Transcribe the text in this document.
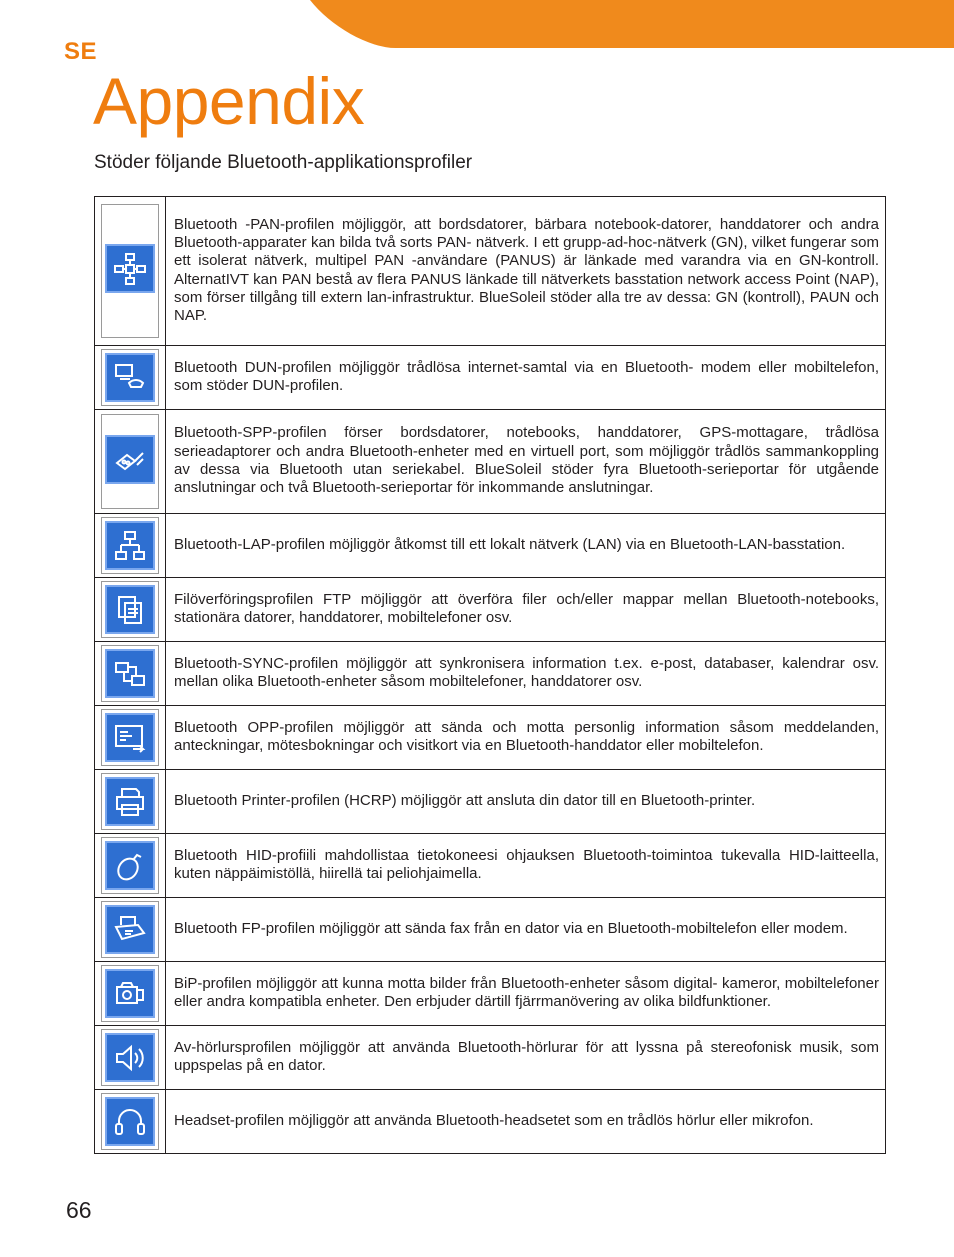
SE
Appendix

Stöder följande Bluetooth-applikationsprofiler

	Bluetooth -PAN-profilen möjliggör, att bordsdatorer, bärbara notebook-datorer, handdatorer och andra Bluetooth-apparater kan bilda två sorts PAN- nätverk. I ett grupp-ad-hoc-nätverk (GN), vilket fungerar som ett isolerat nätverk, multipel PAN -användare (PANUS) är länkade med varandra via en GN-kontroll. AlternatIVT kan PAN bestå av flera PANUS länkade till nätverkets basstation network access Point (NAP), som förser tillgång till extern lan-infrastruktur. BlueSoleil stöder alla tre av dessa: GN (kontroll), PAUN och NAP.

	Bluetooth DUN-profilen möjliggör trådlösa internet-samtal via en Bluetooth- modem eller mobiltelefon, som stöder DUN-profilen.

	Bluetooth-SPP-profilen förser bordsdatorer, notebooks, handdatorer, GPS-mottagare, trådlösa serieadaptorer och andra Bluetooth-enheter med en virtuell port, som möjliggör trådlös sammankoppling av dessa via Bluetooth utan seriekabel. BlueSoleil stöder fyra Bluetooth-serieportar för utgående anslutningar och två Bluetooth-serieportar för inkommande anslutningar.

	Bluetooth-LAP-profilen möjliggör åtkomst till ett lokalt nätverk (LAN) via en Bluetooth-LAN-basstation.

	Filöverföringsprofilen FTP möjliggör att överföra filer och/eller mappar mellan Bluetooth-notebooks, stationära datorer, handdatorer, mobiltelefoner osv.

	Bluetooth-SYNC-profilen möjliggör att synkronisera information t.ex. e-post, databaser, kalendrar osv. mellan olika Bluetooth-enheter såsom mobiltelefoner, handdatorer osv.

	Bluetooth OPP-profilen möjliggör att sända och motta personlig information såsom meddelanden, anteckningar, mötesbokningar och visitkort via en Bluetooth-handdator eller mobiltelefon.

	Bluetooth Printer-profilen (HCRP) möjliggör att ansluta din dator till en Bluetooth-printer.

	Bluetooth HID-profiili mahdollistaa tietokoneesi ohjauksen Bluetooth-toimintoa tukevalla HID-laitteella, kuten näppäimistöllä, hiirellä tai peliohjaimella.

	Bluetooth FP-profilen möjliggör att sända fax från en dator via en Bluetooth-mobiltelefon eller modem.

	BiP-profilen möjliggör att kunna motta bilder från Bluetooth-enheter såsom digital- kameror, mobiltelefoner eller andra kompatibla enheter. Den erbjuder därtill fjärrmanövering av olika bildfunktioner.

	Av-hörlursprofilen möjliggör att använda Bluetooth-hörlurar för att lyssna på stereofonisk musik, som uppspelas på en dator.

	Headset-profilen möjliggör att använda Bluetooth-headsetet som en trådlös hörlur eller mikrofon.
66
